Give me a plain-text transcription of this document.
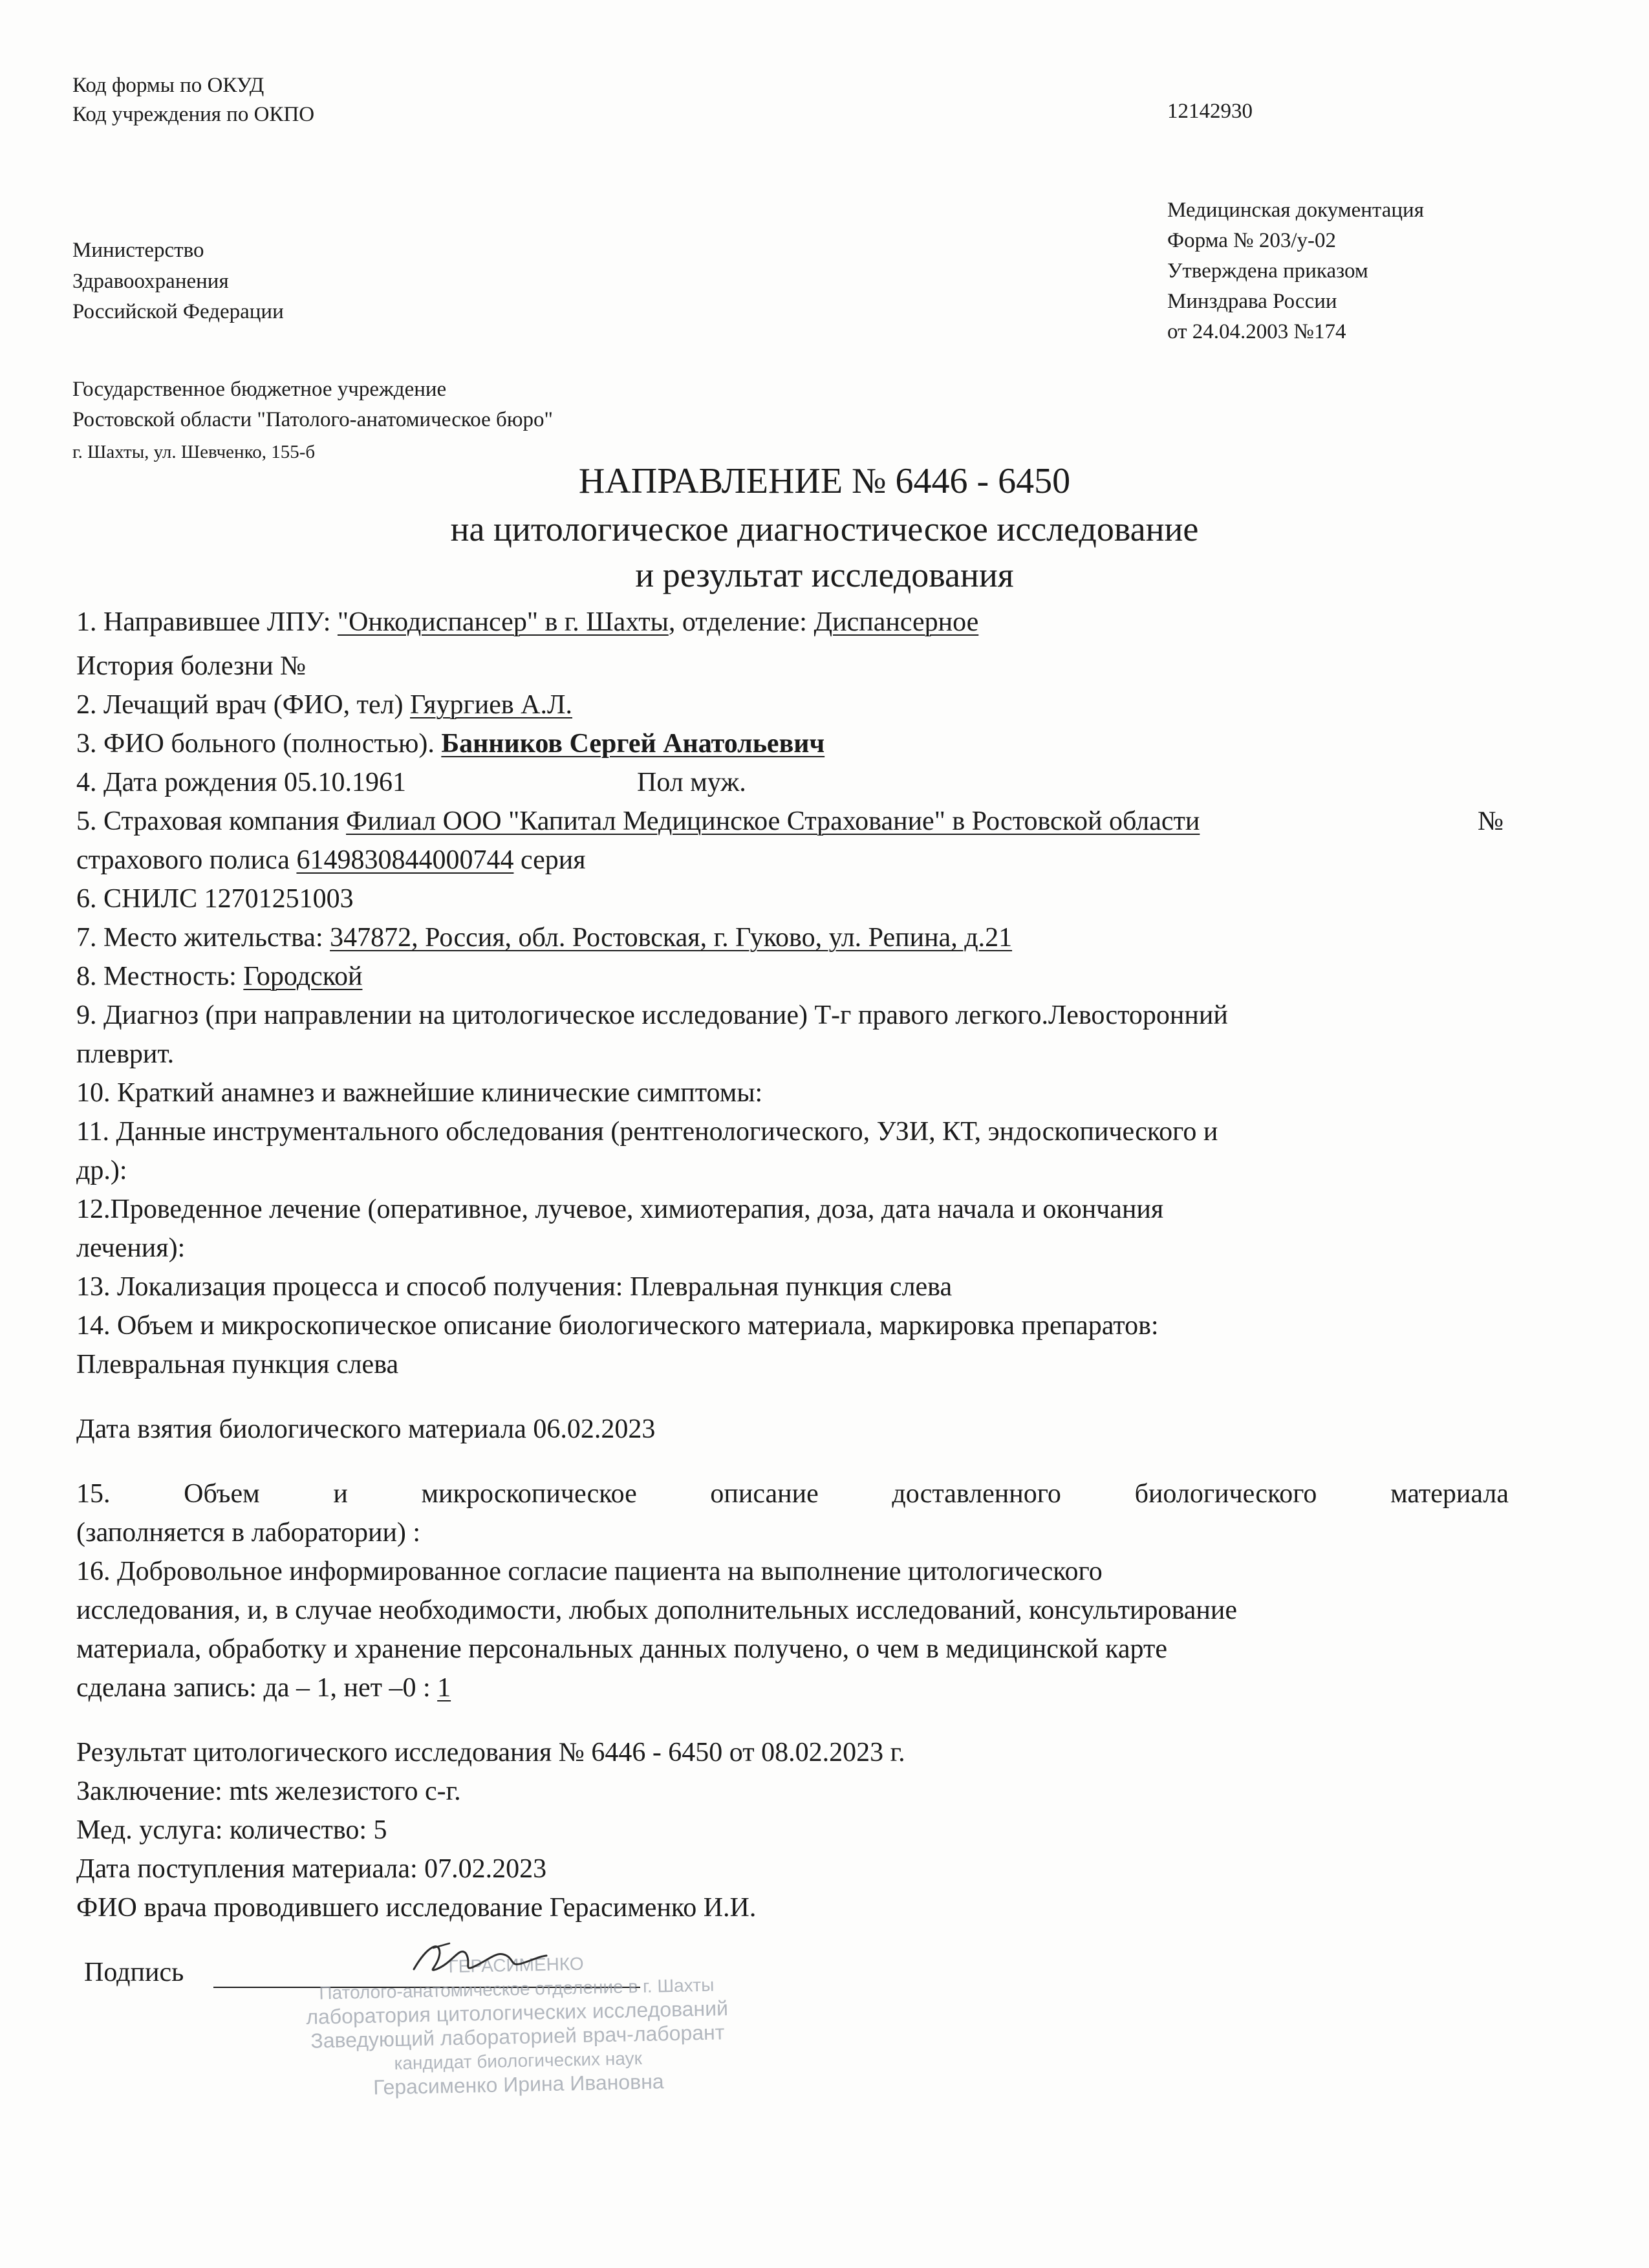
Код формы по ОКУД
Код учреждения по ОКПО	12142930
Министерство
Здравоохранения
Российской Федерации
Медицинская документация
Форма № 203/у-02
Утверждена приказом
Минздрава России
от 24.04.2003 №174
Государственное бюджетное учреждение
Ростовской области "Патолого-анатомическое бюро"
г. Шахты, ул. Шевченко, 155-б
НАПРАВЛЕНИЕ № 6446 - 6450
на цитологическое диагностическое исследование
и результат исследования
1. Направившее ЛПУ: "Онкодиспансер" в г. Шахты, отделение: Диспансерное
История болезни №
2. Лечащий врач (ФИО, тел) Гяургиев А.Л.
3. ФИО больного (полностью). Банников Сергей Анатольевич
4. Дата рождения 05.10.1961	Пол муж.
5. Страховая компания Филиал ООО "Капитал Медицинское Страхование" в Ростовской области	№
страхового полиса 6149830844000744 серия
6. СНИЛС 12701251003
7. Место жительства: 347872, Россия, обл. Ростовская, г. Гуково, ул. Репина, д.21
8. Местность: Городской
9. Диагноз (при направлении на цитологическое исследование) Т-г правого легкого.Левосторонний
плеврит.
10. Краткий анамнез и важнейшие клинические симптомы:
11. Данные инструментального обследования (рентгенологического, УЗИ, КТ, эндоскопического и
др.):
12.Проведенное лечение (оперативное, лучевое, химиотерапия, доза, дата начала и окончания
лечения):
13. Локализация процесса и способ получения: Плевральная пункция слева
14. Объем и микроскопическое описание биологического материала, маркировка препаратов:
Плевральная пункция слева
Дата взятия биологического материала 06.02.2023
15. Объем и микроскопическое описание доставленного биологического материала
(заполняется в лаборатории) :
16. Добровольное информированное согласие пациента на выполнение цитологического
исследования, и, в случае необходимости, любых дополнительных исследований, консультирование
материала, обработку и хранение персональных данных получено, о чем в медицинской карте
сделана запись: да – 1, нет –0 : 1
Результат цитологического исследования № 6446 - 6450 от 08.02.2023 г.
Заключение: mts железистого с-г.
Мед. услуга: количество: 5
Дата поступления материала: 07.02.2023
ФИО врача проводившего исследование Герасименко И.И.
Подпись	ГЕРАСИМЕНКО
Патолого-анатомическое отделение в г. Шахты
лаборатория цитологических исследований
Заведующий лабораторией врач-лаборант
кандидат биологических наук
Герасименко Ирина Ивановна
